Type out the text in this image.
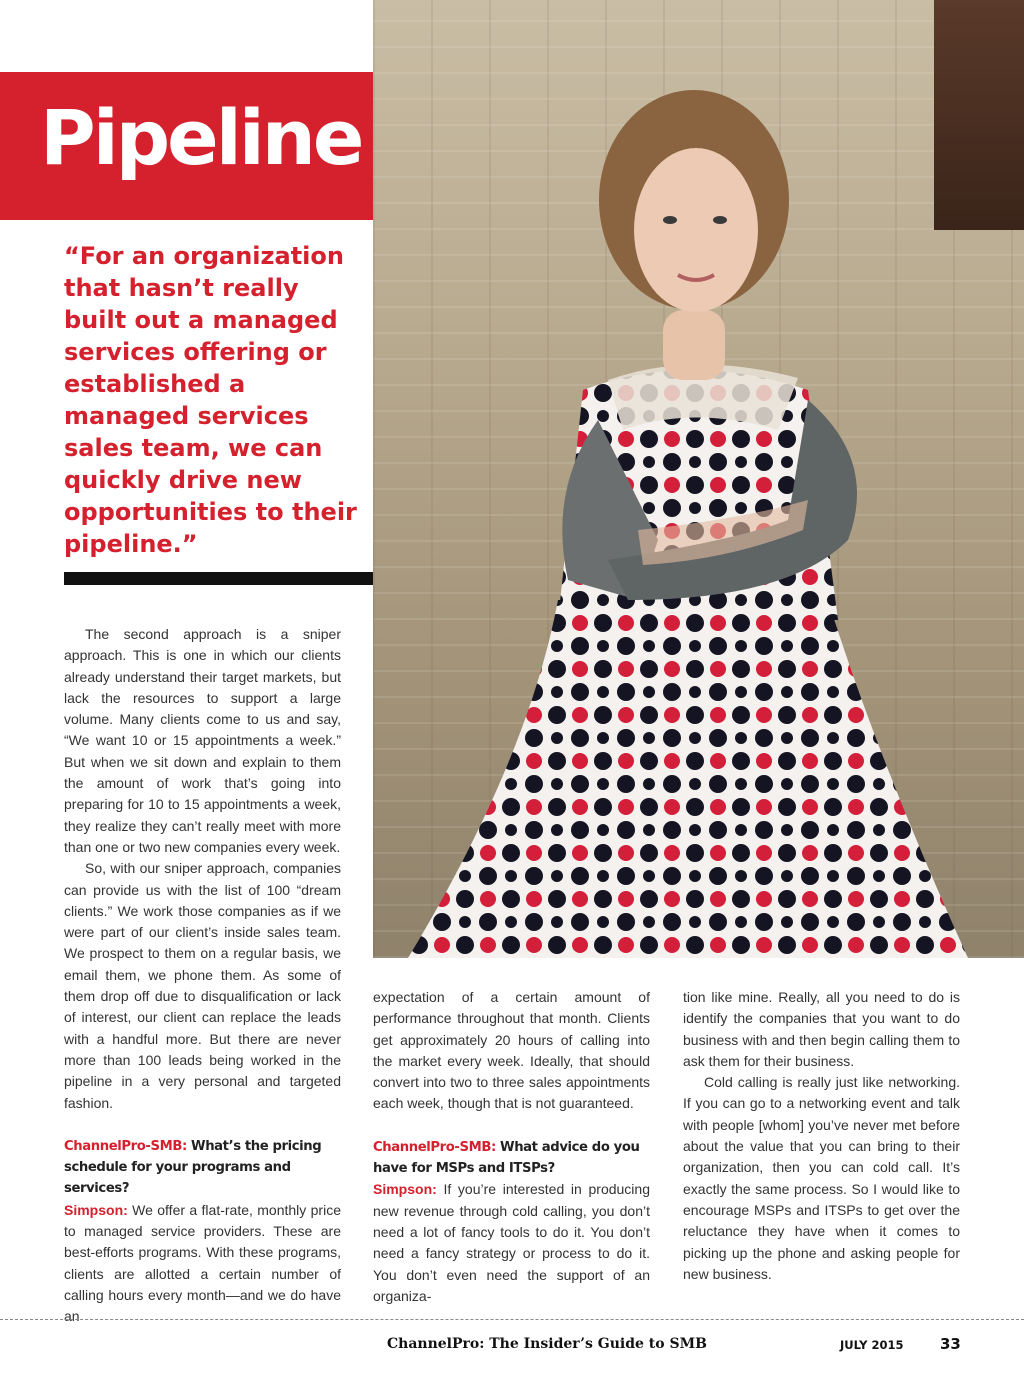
Pipeline

“For an organization that hasn’t really built out a managed services offering or established a managed services sales team, we can quickly drive new opportunities to their pipeline.”

The second approach is a sniper approach. This is one in which our clients already understand their target markets, but lack the resources to support a large volume. Many clients come to us and say, “We want 10 or 15 appointments a week.” But when we sit down and explain to them the amount of work that’s going into preparing for 10 to 15 appointments a week, they realize they can’t really meet with more than one or two new companies every week.

So, with our sniper approach, companies can provide us with the list of 100 “dream clients.” We work those companies as if we were part of our client’s inside sales team. We prospect to them on a regular basis, we email them, we phone them. As some of them drop off due to disqualification or lack of interest, our client can replace the leads with a handful more. But there are never more than 100 leads being worked in the pipeline in a very personal and targeted fashion.

ChannelPro-SMB: What’s the pricing schedule for your programs and services?

Simpson: We offer a flat-rate, monthly price to managed service providers. These are best-efforts programs. With these programs, clients are allotted a certain number of calling hours every month—and we do have an

expectation of a certain amount of performance throughout that month. Clients get approximately 20 hours of calling into the market every week. Ideally, that should convert into two to three sales appointments each week, though that is not guaranteed.

ChannelPro-SMB: What advice do you have for MSPs and ITSPs?

Simpson: If you’re interested in producing new revenue through cold calling, you don’t need a lot of fancy tools to do it. You don’t need a fancy strategy or process to do it. You don’t even need the support of an organiza-

tion like mine. Really, all you need to do is identify the companies that you want to do business with and then begin calling them to ask them for their business.

Cold calling is really just like networking. If you can go to a networking event and talk with people [whom] you’ve never met before about the value that you can bring to their organization, then you can cold call. It’s exactly the same process. So I would like to encourage MSPs and ITSPs to get over the reluctance they have when it comes to picking up the phone and asking people for new business.

ChannelPro: The Insider’s Guide to SMB	JULY 2015 33
